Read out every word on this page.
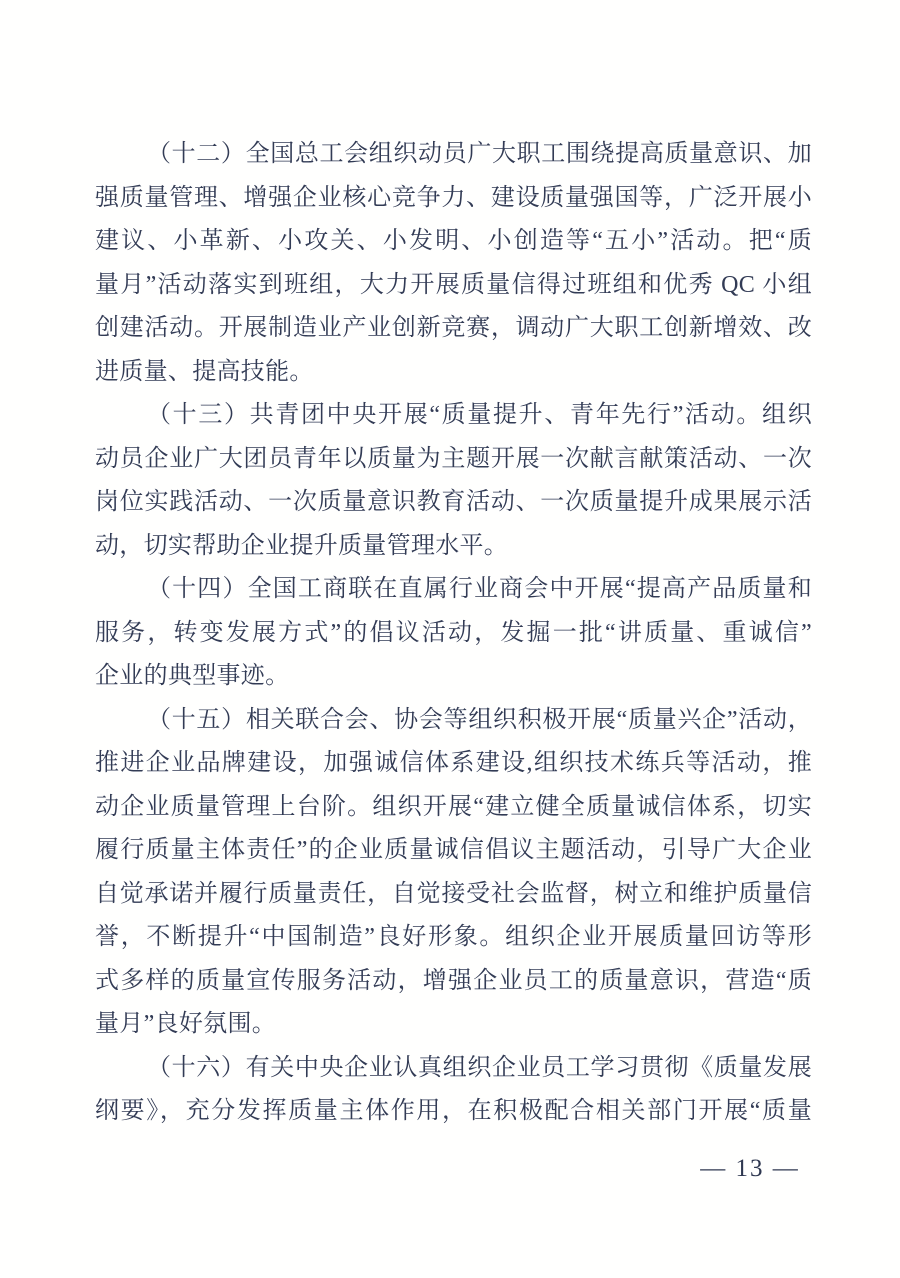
（十二）全国总工会组织动员广大职工围绕提高质量意识、加
强质量管理、增强企业核心竞争力、建设质量强国等，广泛开展小
建议、小革新、小攻关、小发明、小创造等“五小”活动。把“质
量月”活动落实到班组，大力开展质量信得过班组和优秀 QC 小组
创建活动。开展制造业产业创新竞赛，调动广大职工创新增效、改
进质量、提高技能。
（十三）共青团中央开展“质量提升、青年先行”活动。组织
动员企业广大团员青年以质量为主题开展一次献言献策活动、一次
岗位实践活动、一次质量意识教育活动、一次质量提升成果展示活
动，切实帮助企业提升质量管理水平。
（十四）全国工商联在直属行业商会中开展“提高产品质量和
服务，转变发展方式”的倡议活动，发掘一批“讲质量、重诚信”
企业的典型事迹。
（十五）相关联合会、协会等组织积极开展“质量兴企”活动，
推进企业品牌建设，加强诚信体系建设,组织技术练兵等活动，推
动企业质量管理上台阶。组织开展“建立健全质量诚信体系，切实
履行质量主体责任”的企业质量诚信倡议主题活动，引导广大企业
自觉承诺并履行质量责任，自觉接受社会监督，树立和维护质量信
誉，不断提升“中国制造”良好形象。组织企业开展质量回访等形
式多样的质量宣传服务活动，增强企业员工的质量意识，营造“质
量月”良好氛围。
（十六）有关中央企业认真组织企业员工学习贯彻《质量发展
纲要》，充分发挥质量主体作用，在积极配合相关部门开展“质量
— 13 —
